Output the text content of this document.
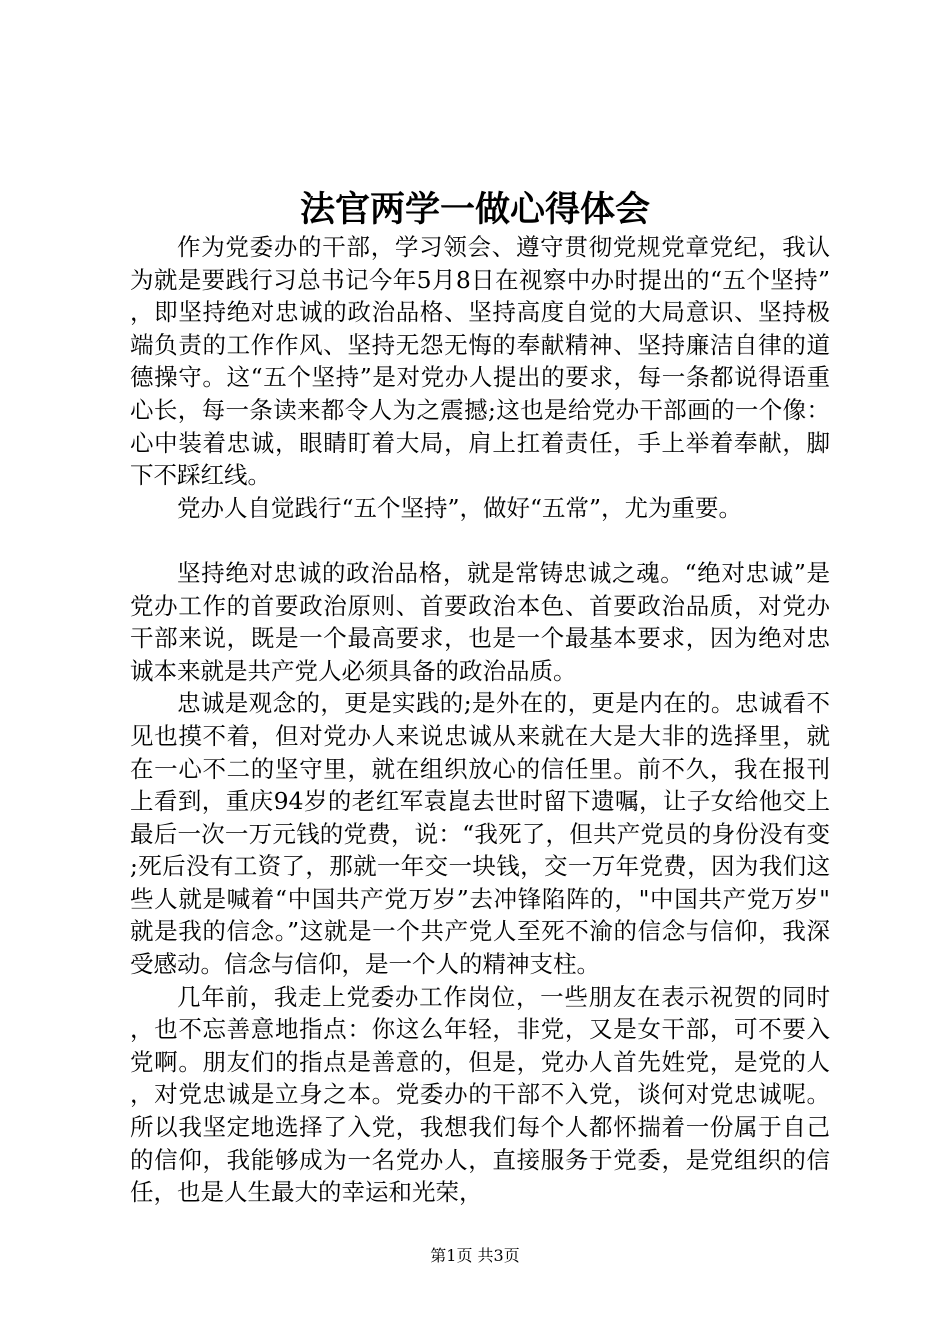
法官两学一做心得体会

作为党委办的干部，学习领会、遵守贯彻党规党章党纪，我认为就是要践行习总书记今年5月8日在视察中办时提出的“五个坚持”，即坚持绝对忠诚的政治品格、坚持高度自觉的大局意识、坚持极端负责的工作作风、坚持无怨无悔的奉献精神、坚持廉洁自律的道德操守。这“五个坚持”是对党办人提出的要求，每一条都说得语重心长，每一条读来都令人为之震撼;这也是给党办干部画的一个像：心中装着忠诚，眼睛盯着大局，肩上扛着责任，手上举着奉献，脚下不踩红线。

党办人自觉践行“五个坚持”，做好“五常”，尤为重要。

坚持绝对忠诚的政治品格，就是常铸忠诚之魂。“绝对忠诚”是党办工作的首要政治原则、首要政治本色、首要政治品质，对党办干部来说，既是一个最高要求，也是一个最基本要求，因为绝对忠诚本来就是共产党人必须具备的政治品质。

忠诚是观念的，更是实践的;是外在的，更是内在的。忠诚看不见也摸不着，但对党办人来说忠诚从来就在大是大非的选择里，就在一心不二的坚守里，就在组织放心的信任里。前不久，我在报刊上看到，重庆94岁的老红军袁崑去世时留下遗嘱，让子女给他交上最后一次一万元钱的党费，说：“我死了，但共产党员的身份没有变;死后没有工资了，那就一年交一块钱，交一万年党费，因为我们这些人就是喊着“中国共产党万岁”去冲锋陷阵的，"中国共产党万岁"就是我的信念。”这就是一个共产党人至死不渝的信念与信仰，我深受感动。信念与信仰，是一个人的精神支柱。

几年前，我走上党委办工作岗位，一些朋友在表示祝贺的同时，也不忘善意地指点：你这么年轻，非党，又是女干部，可不要入党啊。朋友们的指点是善意的，但是，党办人首先姓党，是党的人，对党忠诚是立身之本。党委办的干部不入党，谈何对党忠诚呢。所以我坚定地选择了入党，我想我们每个人都怀揣着一份属于自己的信仰，我能够成为一名党办人，直接服务于党委，是党组织的信任，也是人生最大的幸运和光荣，

第1页 共3页
